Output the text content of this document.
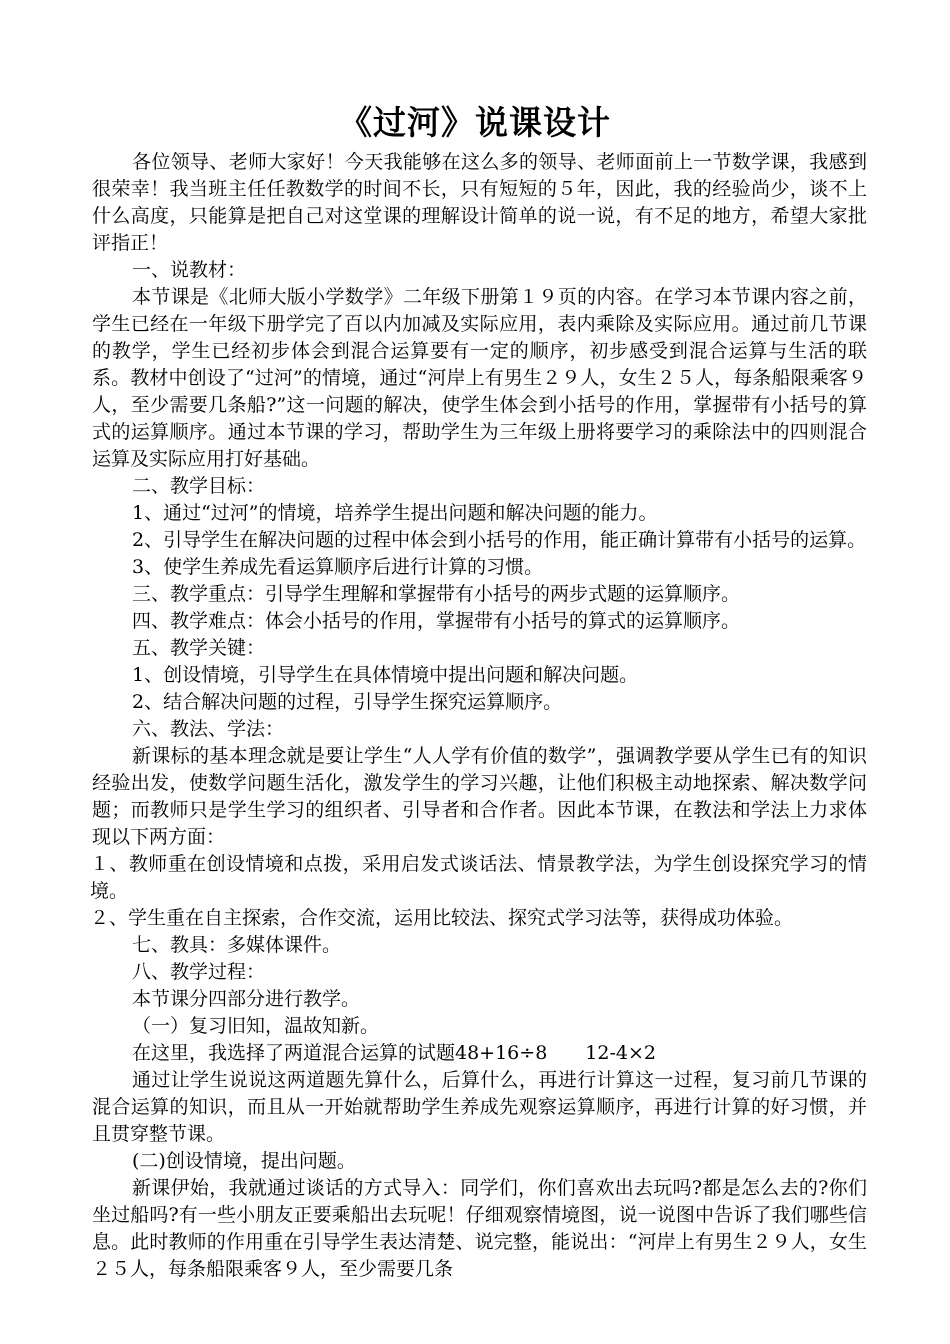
《过河》说课设计

各位领导、老师大家好！今天我能够在这么多的领导、老师面前上一节数学课，我感到很荣幸！我当班主任任教数学的时间不长，只有短短的５年，因此，我的经验尚少，谈不上什么高度，只能算是把自己对这堂课的理解设计简单的说一说，有不足的地方，希望大家批评指正！

一、说教材：

本节课是《北师大版小学数学》二年级下册第１９页的内容。在学习本节课内容之前，学生已经在一年级下册学完了百以内加减及实际应用，表内乘除及实际应用。通过前几节课的教学，学生已经初步体会到混合运算要有一定的顺序，初步感受到混合运算与生活的联系。教材中创设了“过河”的情境，通过“河岸上有男生２９人，女生２５人，每条船限乘客９人，至少需要几条船?”这一问题的解决，使学生体会到小括号的作用，掌握带有小括号的算式的运算顺序。通过本节课的学习，帮助学生为三年级上册将要学习的乘除法中的四则混合运算及实际应用打好基础。

二、教学目标：

1、通过“过河”的情境，培养学生提出问题和解决问题的能力。

2、引导学生在解决问题的过程中体会到小括号的作用，能正确计算带有小括号的运算。

3、使学生养成先看运算顺序后进行计算的习惯。

三、教学重点：引导学生理解和掌握带有小括号的两步式题的运算顺序。

四、教学难点：体会小括号的作用，掌握带有小括号的算式的运算顺序。

五、教学关键：

1、创设情境，引导学生在具体情境中提出问题和解决问题。

2、结合解决问题的过程，引导学生探究运算顺序。

六、教法、学法：

新课标的基本理念就是要让学生“人人学有价值的数学”，强调教学要从学生已有的知识经验出发，使数学问题生活化，激发学生的学习兴趣，让他们积极主动地探索、解决数学问题；而教师只是学生学习的组织者、引导者和合作者。因此本节课，在教法和学法上力求体现以下两方面：

１、教师重在创设情境和点拨，采用启发式谈话法、情景教学法，为学生创设探究学习的情境。

２、学生重在自主探索，合作交流，运用比较法、探究式学习法等，获得成功体验。

七、教具：多媒体课件。

八、教学过程：

本节课分四部分进行教学。

（一）复习旧知，温故知新。

在这里，我选择了两道混合运算的试题48+16÷8　　12-4×2

通过让学生说说这两道题先算什么，后算什么，再进行计算这一过程，复习前几节课的混合运算的知识，而且从一开始就帮助学生养成先观察运算顺序，再进行计算的好习惯，并且贯穿整节课。

(二)创设情境，提出问题。

新课伊始，我就通过谈话的方式导入：同学们，你们喜欢出去玩吗?都是怎么去的?你们坐过船吗?有一些小朋友正要乘船出去玩呢！仔细观察情境图，说一说图中告诉了我们哪些信息。此时教师的作用重在引导学生表达清楚、说完整，能说出：“河岸上有男生２９人，女生２５人，每条船限乘客９人，至少需要几条
